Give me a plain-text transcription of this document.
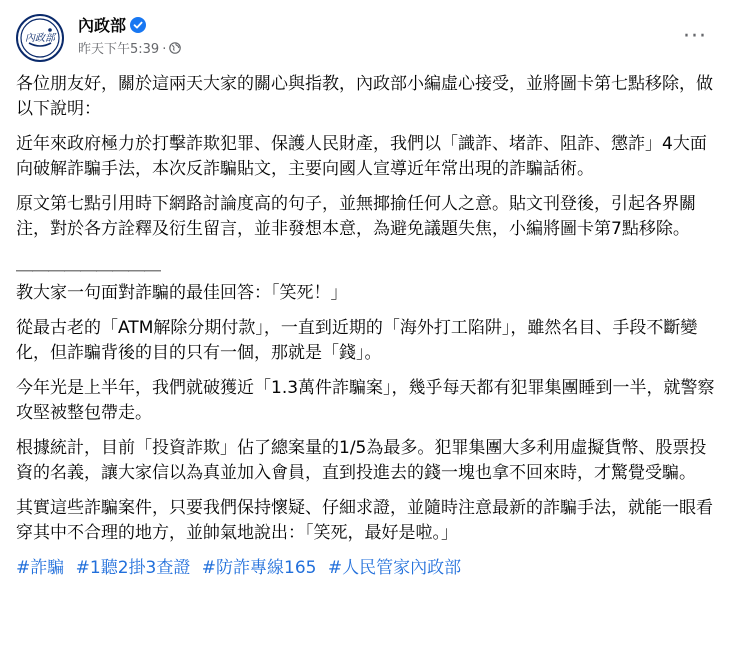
內政部
內政部
昨天下午5:39 ·
···

各位朋友好，關於這兩天大家的關心與指教，內政部小編虛心接受，並將圖卡第七點移除，做以下說明：

近年來政府極力於打擊詐欺犯罪、保護人民財產，我們以「識詐、堵詐、阻詐、懲詐」4大面向破解詐騙手法，本次反詐騙貼文，主要向國人宣導近年常出現的詐騙話術。

原文第七點引用時下網路討論度高的句子，並無揶揄任何人之意。貼文刊登後，引起各界關注，對於各方詮釋及衍生留言，並非發想本意，為避免議題失焦，小編將圖卡第7點移除。

＿＿＿＿＿＿＿＿＿

教大家一句面對詐騙的最佳回答：「笑死！」

從最古老的「ATM解除分期付款」，一直到近期的「海外打工陷阱」，雖然名目、手段不斷變化，但詐騙背後的目的只有一個，那就是「錢」。

今年光是上半年，我們就破獲近「1.3萬件詐騙案」，幾乎每天都有犯罪集團睡到一半，就警察攻堅被整包帶走。

根據統計，目前「投資詐欺」佔了總案量的1/5為最多。犯罪集團大多利用虛擬貨幣、股票投資的名義，讓大家信以為真並加入會員，直到投進去的錢一塊也拿不回來時，才驚覺受騙。

其實這些詐騙案件，只要我們保持懷疑、仔細求證，並隨時注意最新的詐騙手法，就能一眼看穿其中不合理的地方，並帥氣地說出：「笑死，最好是啦。」

#詐騙 #1聽2掛3查證 #防詐專線165 #人民管家內政部
